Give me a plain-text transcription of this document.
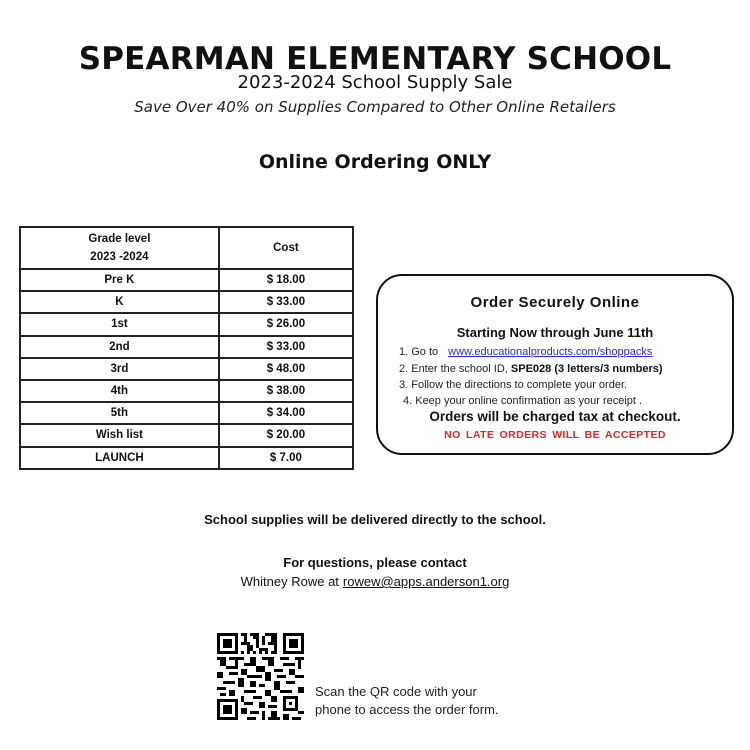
SPEARMAN ELEMENTARY SCHOOL
2023-2024 School Supply Sale
Save Over 40% on Supplies Compared to Other Online Retailers
Online Ordering ONLY
Grade level
2023 -2024	Cost
Pre K	$ 18.00
K	$ 33.00
1st	$ 26.00
2nd	$ 33.00
3rd	$ 48.00
4th	$ 38.00
5th	$ 34.00
Wish list	$ 20.00
LAUNCH	$ 7.00
Order Securely Online
Starting Now through June 11th
1. Go to www.educationalproducts.com/shoppacks
2. Enter the school ID, SPE028 (3 letters/3 numbers)
3. Follow the directions to complete your order.
4. Keep your online confirmation as your receipt .
Orders will be charged tax at checkout.
NO LATE ORDERS WILL BE ACCEPTED
School supplies will be delivered directly to the school.
For questions, please contact
Whitney Rowe at rowew@apps.anderson1.org
Scan the QR code with your
phone to access the order form.
